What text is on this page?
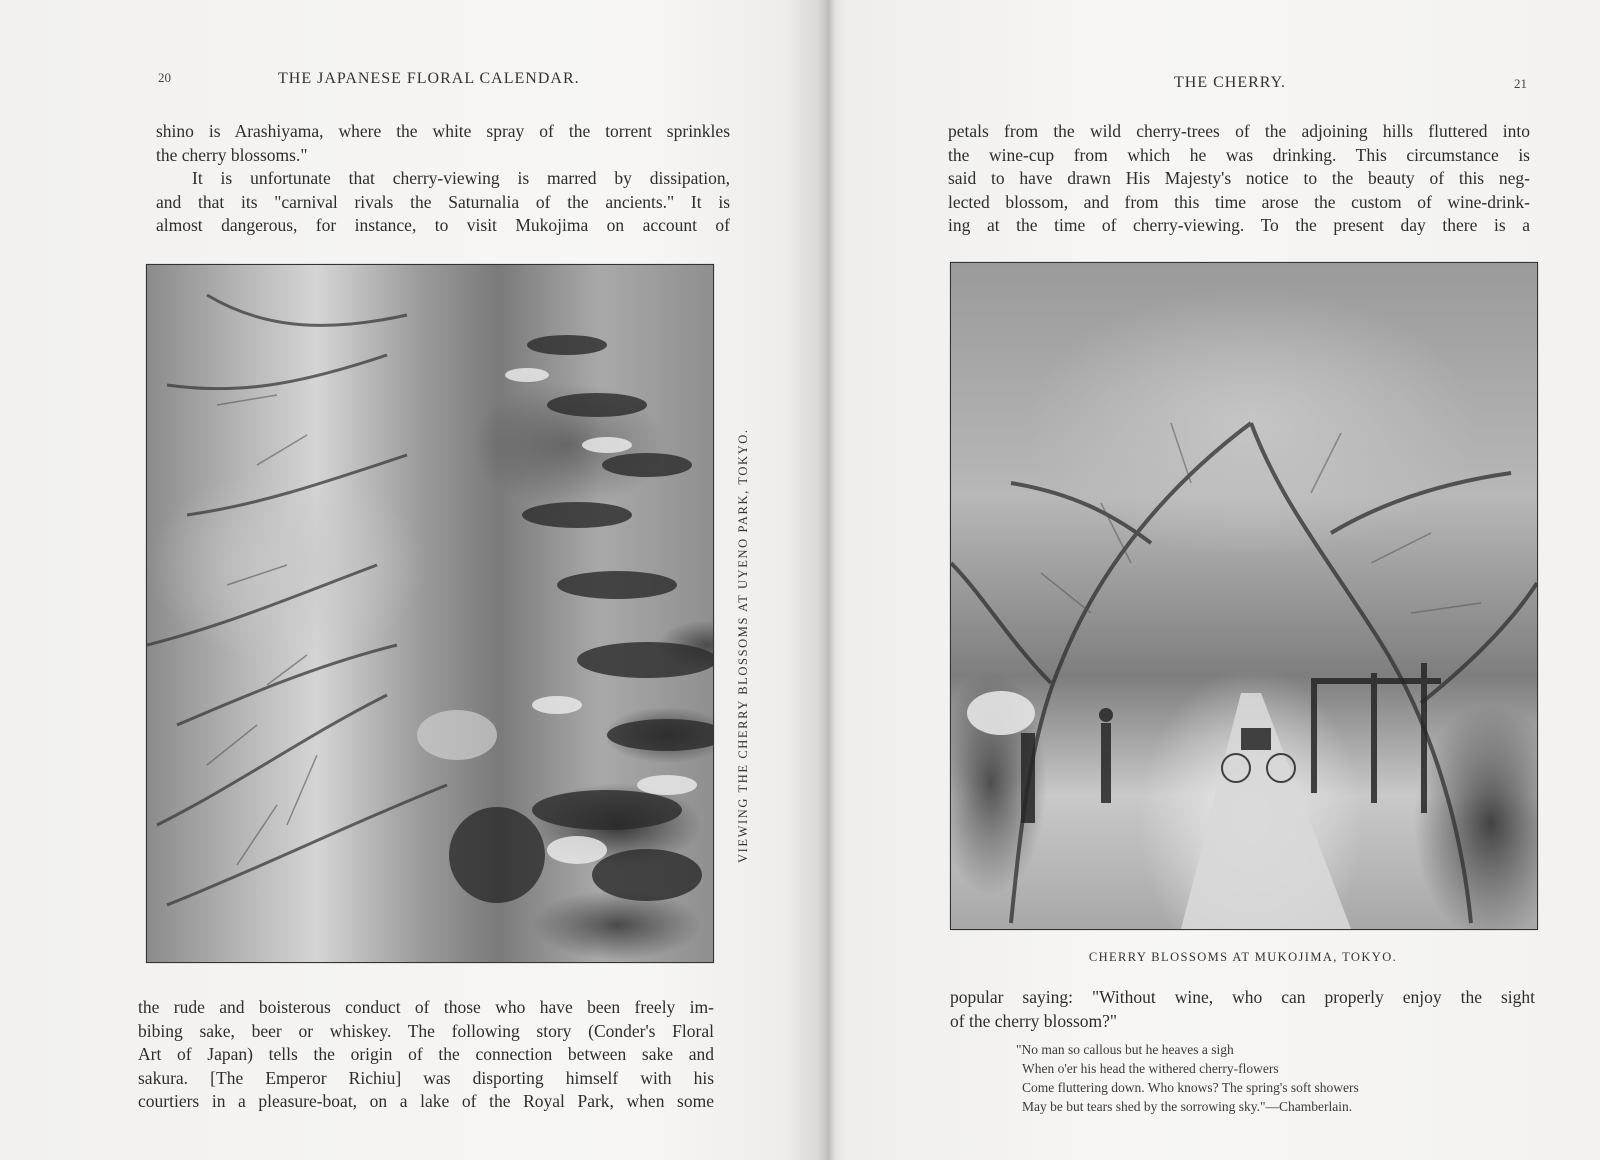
20	THE JAPANESE FLORAL CALENDAR.

shino is Arashiyama, where the white spray of the torrent sprinkles

the cherry blossoms."

It is unfortunate that cherry-viewing is marred by dissipation,

and that its "carnival rivals the Saturnalia of the ancients." It is

almost dangerous, for instance, to visit Mukojima on account of

VIEWING THE CHERRY BLOSSOMS AT UYENO PARK, TOKYO.

the rude and boisterous conduct of those who have been freely im-

bibing sake, beer or whiskey. The following story (Conder's Floral

Art of Japan) tells the origin of the connection between sake and

sakura. [The Emperor Richiu] was disporting himself with his

courtiers in a pleasure-boat, on a lake of the Royal Park, when some

THE CHERRY.	21

petals from the wild cherry-trees of the adjoining hills fluttered into

the wine-cup from which he was drinking. This circumstance is

said to have drawn His Majesty's notice to the beauty of this neg-

lected blossom, and from this time arose the custom of wine-drink-

ing at the time of cherry-viewing. To the present day there is a

CHERRY BLOSSOMS AT MUKOJIMA, TOKYO.

popular saying: "Without wine, who can properly enjoy the sight

of the cherry blossom?"

"No man so callous but he heaves a sigh
When o'er his head the withered cherry-flowers
Come fluttering down. Who knows? The spring's soft showers
May be but tears shed by the sorrowing sky."—Chamberlain.
